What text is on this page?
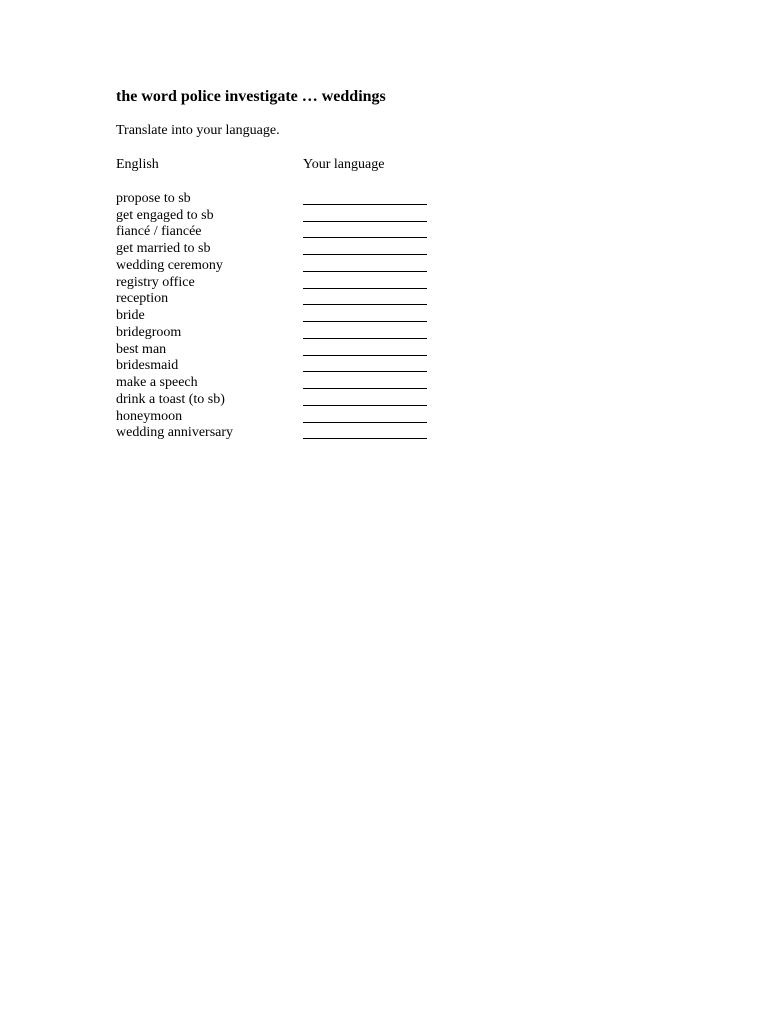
the word police investigate … weddings
Translate into your language.
English	Your language
propose to sb
get engaged to sb
fiancé / fiancée
get married to sb
wedding ceremony
registry office
reception
bride
bridegroom
best man
bridesmaid
make a speech
drink a toast (to sb)
honeymoon
wedding anniversary
